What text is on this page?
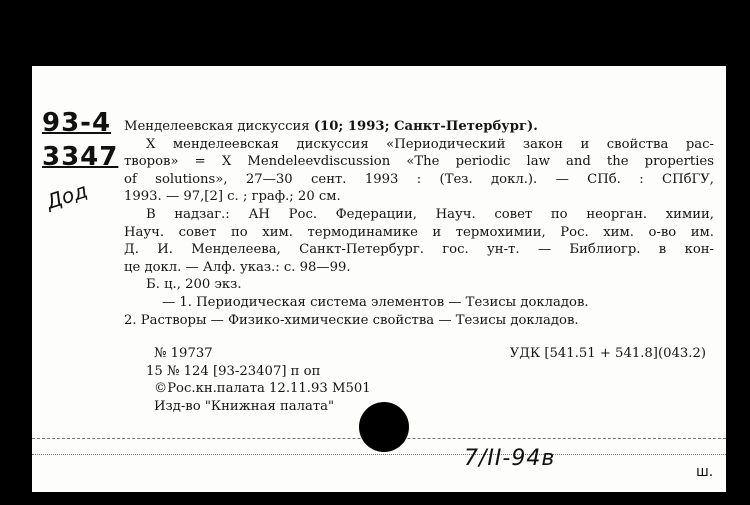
93-4
3347
Дод

Менделеевская дискуссия (10; 1993; Санкт-Петербург).

Х менделеевская дискуссия «Периодический закон и свойства рас-

творов» = X Mendeleevdiscussion «The periodic law and the properties

of solutions», 27—30 сент. 1993 : (Тез. докл.). — СПб. : СПбГУ,

1993. — 97,[2] с. ; граф.; 20 см.

В надзаг.: АН Рос. Федерации, Науч. совет по неорган. химии,

Науч. совет по хим. термодинамике и термохимии, Рос. хим. о-во им.

Д. И. Менделеева, Санкт-Петербург. гос. ун-т. — Библиогр. в кон-

це докл. — Алф. указ.: с. 98—99.

Б. ц., 200 экз.

— 1. Периодическая система элементов — Тезисы докладов.

2. Растворы — Физико-химические свойства — Тезисы докладов.

№ 19737	УДК [541.51 + 541.8](043.2)

15 № 124 [93-23407] п оп

©Рос.кн.палата 12.11.93 М501

Изд-во "Книжная палата"

7/II-94в
ш.
